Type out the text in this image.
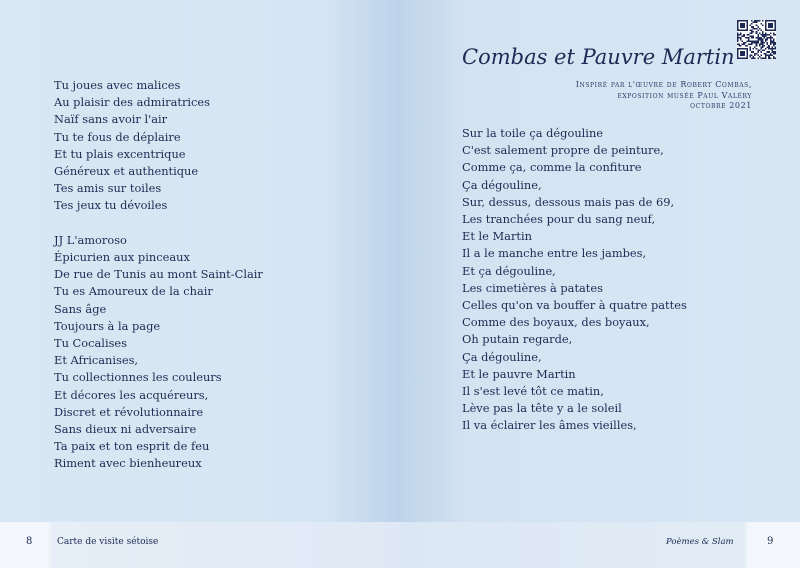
Tu joues avec malices
Au plaisir des admiratrices
Naïf sans avoir l'air
Tu te fous de déplaire
Et tu plais excentrique
Généreux et authentique
Tes amis sur toiles
Tes jeux tu dévoiles
JJ L'amoroso
Épicurien aux pinceaux
De rue de Tunis au mont Saint-Clair
Tu es Amoureux de la chair
Sans âge
Toujours à la page
Tu Cocalises
Et Africanises,
Tu collectionnes les couleurs
Et décores les acquéreurs,
Discret et révolutionnaire
Sans dieux ni adversaire
Ta paix et ton esprit de feu
Riment avec bienheureux
Combas et Pauvre Martin
Inspiré par l'œuvre de Robert Combas,
exposition musée Paul Valéry
octobre 2021
Sur la toile ça dégouline
C'est salement propre de peinture,
Comme ça, comme la confiture
Ça dégouline,
Sur, dessus, dessous mais pas de 69,
Les tranchées pour du sang neuf,
Et le Martin
Il a le manche entre les jambes,
Et ça dégouline,
Les cimetières à patates
Celles qu'on va bouffer à quatre pattes
Comme des boyaux, des boyaux,
Oh putain regarde,
Ça dégouline,
Et le pauvre Martin
Il s'est levé tôt ce matin,
Lève pas la tête y a le soleil
Il va éclairer les âmes vieilles,
8	Carte de visite sétoise	Poèmes & Slam	9
